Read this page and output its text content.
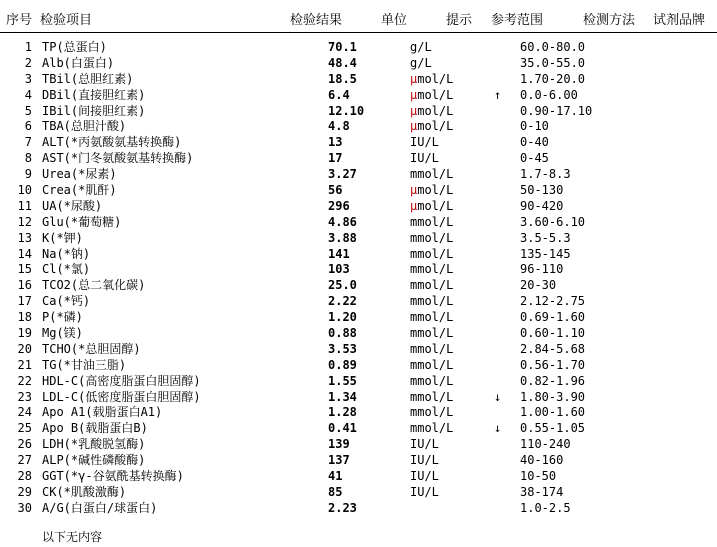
序号 检验项目	检验结果	单位	提示 参考范围	检测方法 试剂品牌
1 TP(总蛋白)	70.1	g/L	60.0-80.0
2 Alb(白蛋白)	48.4	g/L	35.0-55.0
3 TBil(总胆红素)	18.5	μmol/L	1.70-20.0
4 DBil(直接胆红素)	6.4	μmol/L	↑ 0.0-6.00
5 IBil(间接胆红素)	12.10	μmol/L	0.90-17.10
6 TBA(总胆汁酸)	4.8	μmol/L	0-10
7 ALT(*丙氨酸氨基转换酶)	13	IU/L	0-40
8 AST(*门冬氨酸氨基转换酶)	17	IU/L	0-45
9 Urea(*尿素)	3.27	mmol/L	1.7-8.3
10 Crea(*肌酐)	56	μmol/L	50-130
11 UA(*尿酸)	296	μmol/L	90-420
12 Glu(*葡萄糖)	4.86	mmol/L	3.60-6.10
13 K(*钾)	3.88	mmol/L	3.5-5.3
14 Na(*钠)	141	mmol/L	135-145
15 Cl(*氯)	103	mmol/L	96-110
16 TCO2(总二氧化碳)	25.0	mmol/L	20-30
17 Ca(*钙)	2.22	mmol/L	2.12-2.75
18 P(*磷)	1.20	mmol/L	0.69-1.60
19 Mg(镁)	0.88	mmol/L	0.60-1.10
20 TCHO(*总胆固醇)	3.53	mmol/L	2.84-5.68
21 TG(*甘油三脂)	0.89	mmol/L	0.56-1.70
22 HDL-C(高密度脂蛋白胆固醇)	1.55	mmol/L	0.82-1.96
23 LDL-C(低密度脂蛋白胆固醇)	1.34	mmol/L	↓ 1.80-3.90
24 Apo A1(载脂蛋白A1)	1.28	mmol/L	1.00-1.60
25 Apo B(载脂蛋白B)	0.41	mmol/L	↓ 0.55-1.05
26 LDH(*乳酸脱氢酶)	139	IU/L	110-240
27 ALP(*碱性磷酸酶)	137	IU/L	40-160
28 GGT(*γ-谷氨酰基转换酶)	41	IU/L	10-50
29 CK(*肌酸激酶)	85	IU/L	38-174
30 A/G(白蛋白/球蛋白)	2.23	1.0-2.5
以下无内容
